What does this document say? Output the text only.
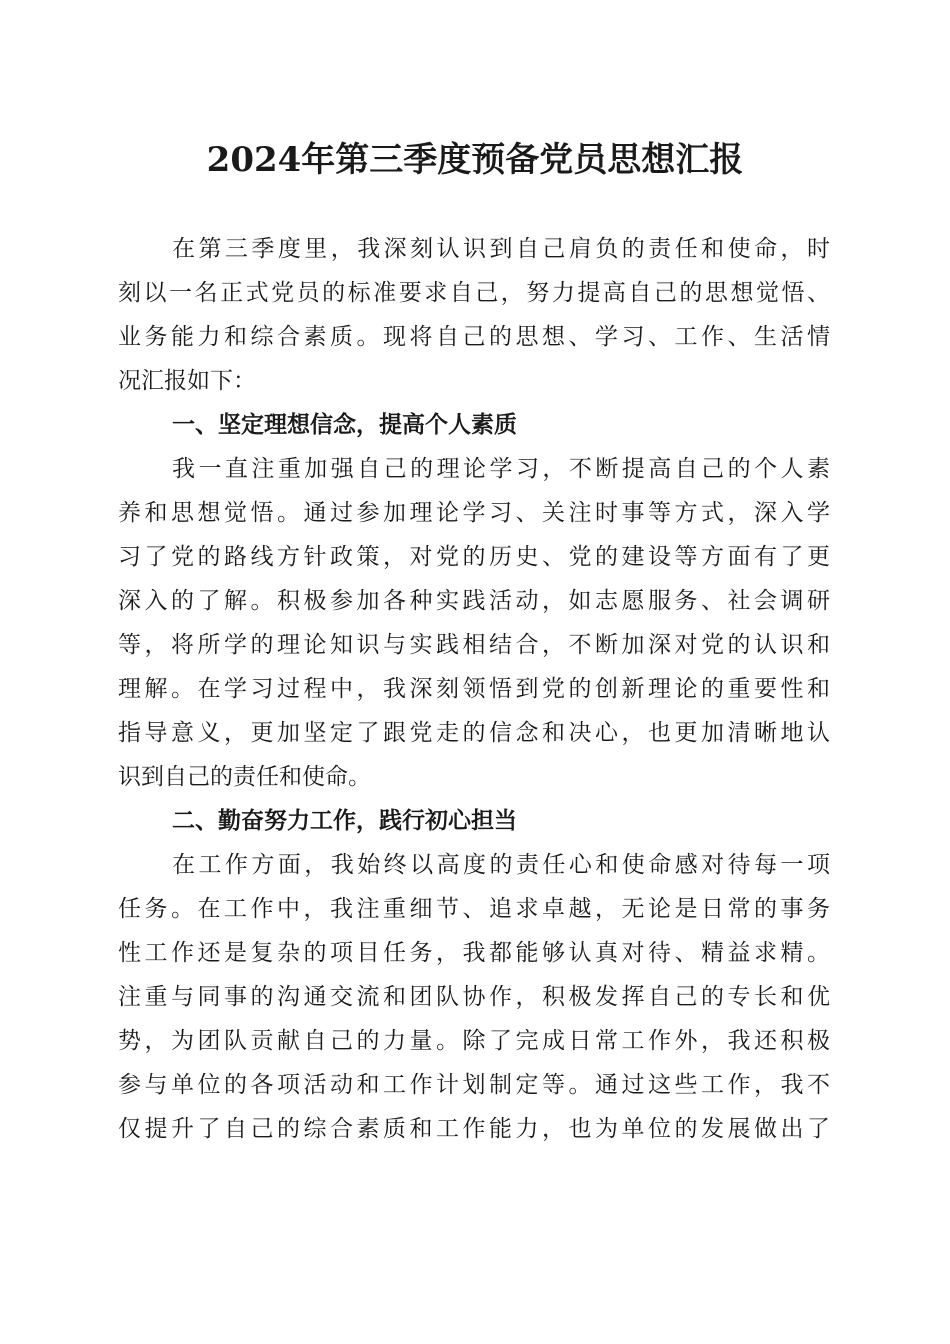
2024年第三季度预备党员思想汇报
在第三季度里，我深刻认识到自己肩负的责任和使命，时
刻以一名正式党员的标准要求自己，努力提高自己的思想觉悟、
业务能力和综合素质。现将自己的思想、学习、工作、生活情
况汇报如下：
一、坚定理想信念，提高个人素质
我一直注重加强自己的理论学习，不断提高自己的个人素
养和思想觉悟。通过参加理论学习、关注时事等方式，深入学
习了党的路线方针政策，对党的历史、党的建设等方面有了更
深入的了解。积极参加各种实践活动，如志愿服务、社会调研
等，将所学的理论知识与实践相结合，不断加深对党的认识和
理解。在学习过程中，我深刻领悟到党的创新理论的重要性和
指导意义，更加坚定了跟党走的信念和决心，也更加清晰地认
识到自己的责任和使命。
二、勤奋努力工作，践行初心担当
在工作方面，我始终以高度的责任心和使命感对待每一项
任务。在工作中，我注重细节、追求卓越，无论是日常的事务
性工作还是复杂的项目任务，我都能够认真对待、精益求精。
注重与同事的沟通交流和团队协作，积极发挥自己的专长和优
势，为团队贡献自己的力量。除了完成日常工作外，我还积极
参与单位的各项活动和工作计划制定等。通过这些工作，我不
仅提升了自己的综合素质和工作能力，也为单位的发展做出了
